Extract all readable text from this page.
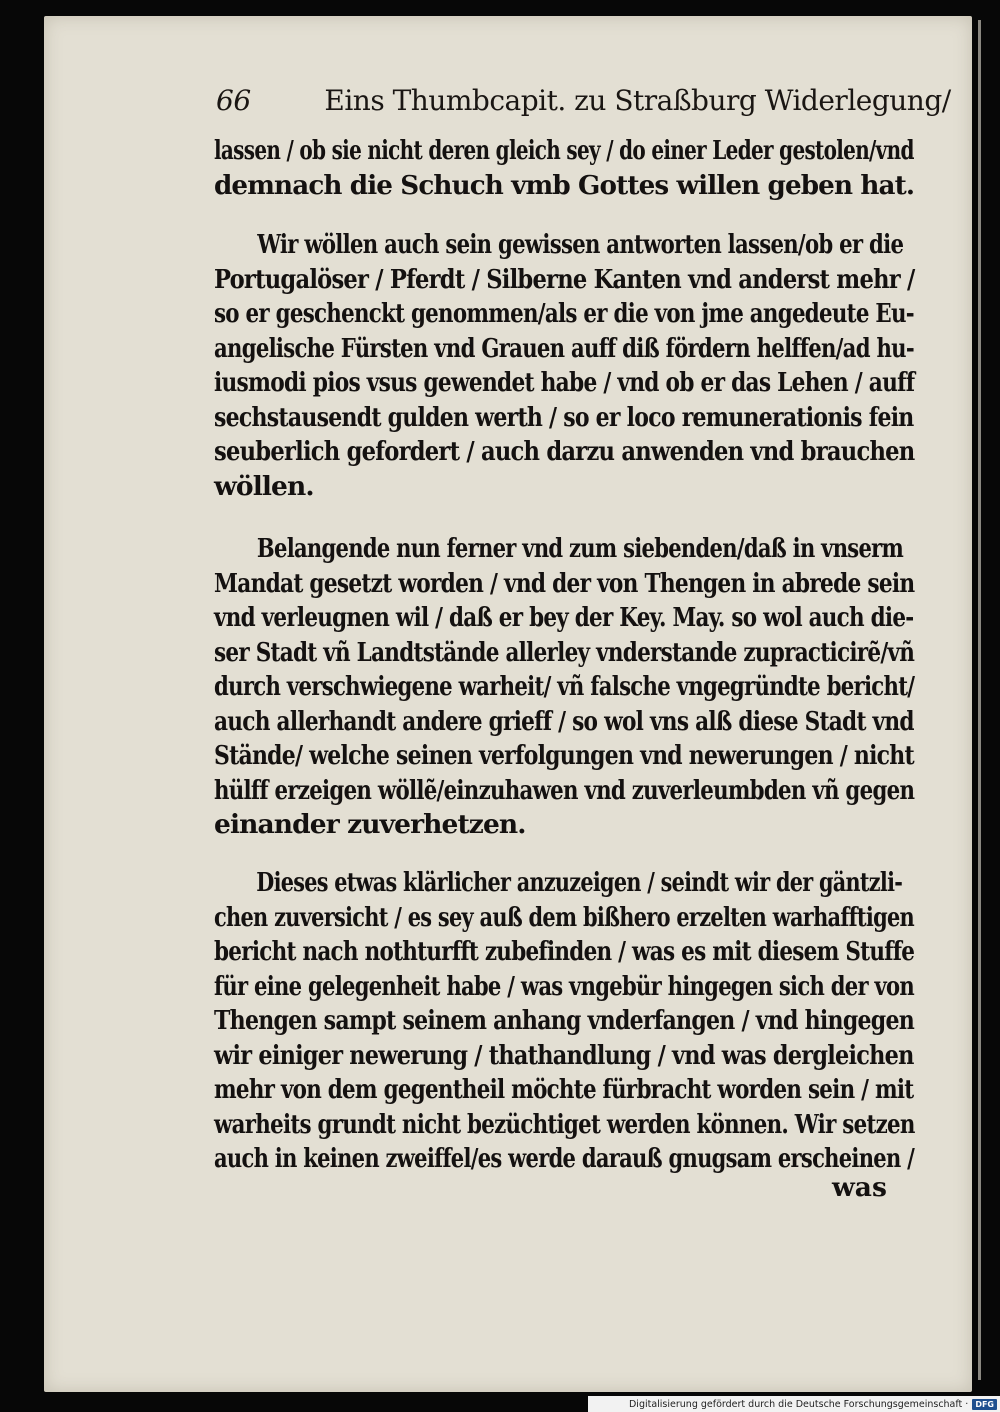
66	Eins Thumbcapit. zu Straßburg Widerlegung/
lassen / ob sie nicht deren gleich sey / do einer Leder gestolen/vnd
demnach die Schuch vmb Gottes willen geben hat.
Wir wöllen auch sein gewissen antworten lassen/ob er die
Portugalöser / Pferdt / Silberne Kanten vnd anderst mehr /
so er geschenckt genommen/als er die von jme angedeute Eu-
angelische Fürsten vnd Grauen auff diß fördern helffen/ad hu-
iusmodi pios vsus gewendet habe / vnd ob er das Lehen / auff
sechstausendt gulden werth / so er loco remunerationis fein
seuberlich gefordert / auch darzu anwenden vnd brauchen
wöllen.
Belangende nun ferner vnd zum siebenden/daß in vnserm
Mandat gesetzt worden / vnd der von Thengen in abrede sein
vnd verleugnen wil / daß er bey der Key. May. so wol auch die-
ser Stadt vñ Landtstände allerley vnderstande zupracticirẽ/vñ
durch verschwiegene warheit/ vñ falsche vngegründte bericht/
auch allerhandt andere grieff / so wol vns alß diese Stadt vnd
Stände/ welche seinen verfolgungen vnd newerungen / nicht
hülff erzeigen wöllẽ/einzuhawen vnd zuverleumbden vñ gegen
einander zuverhetzen.
Dieses etwas klärlicher anzuzeigen / seindt wir der gäntzli-
chen zuversicht / es sey auß dem bißhero erzelten warhafftigen
bericht nach nothturfft zubefinden / was es mit diesem Stuffe
für eine gelegenheit habe / was vngebür hingegen sich der von
Thengen sampt seinem anhang vnderfangen / vnd hingegen
wir einiger newerung / thathandlung / vnd was dergleichen
mehr von dem gegentheil möchte fürbracht worden sein / mit
warheits grundt nicht bezüchtiget werden können. Wir setzen
auch in keinen zweiffel/es werde darauß gnugsam erscheinen /
was
Digitalisierung gefördert durch die Deutsche Forschungsgemeinschaft · DFG
